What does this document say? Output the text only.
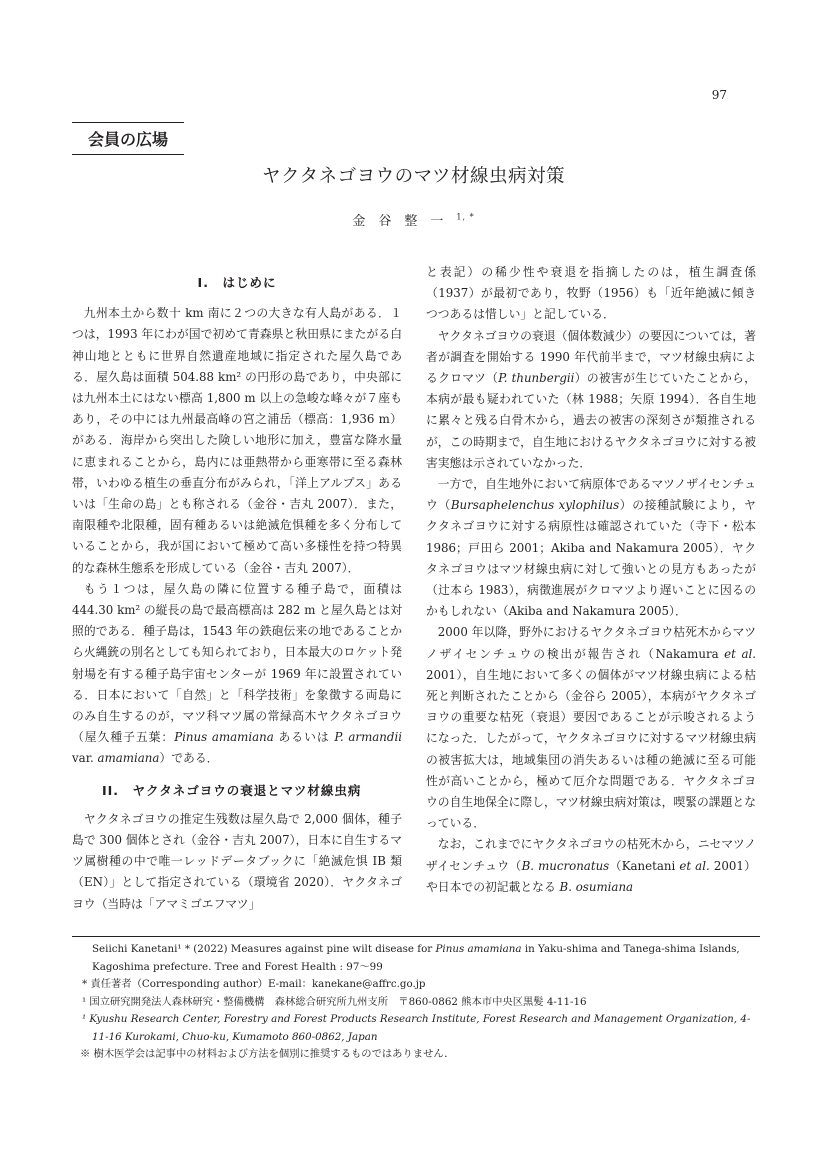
97
会員の広場
ヤクタネゴヨウのマツ材線虫病対策
金谷整一$^{1, *}$
I.　はじめに

九州本土から数十 km 南に２つの大きな有人島がある．１つは，1993 年にわが国で初めて青森県と秋田県にまたがる白神山地とともに世界自然遺産地域に指定された屋久島である．屋久島は面積 504.88 km² の円形の島であり，中央部には九州本土にはない標高 1,800 m 以上の急峻な峰々が７座もあり，その中には九州最高峰の宮之浦岳（標高：1,936 m）がある．海岸から突出した険しい地形に加え，豊富な降水量に恵まれることから，島内には亜熱帯から亜寒帯に至る森林帯，いわゆる植生の垂直分布がみられ，「洋上アルプス」あるいは「生命の島」とも称される（金谷・吉丸 2007）．また，南限種や北限種，固有種あるいは絶滅危惧種を多く分布していることから，我が国において極めて高い多様性を持つ特異的な森林生態系を形成している（金谷・吉丸 2007）．

もう１つは，屋久島の隣に位置する種子島で，面積は 444.30 km² の縦長の島で最高標高は 282 m と屋久島とは対照的である．種子島は，1543 年の鉄砲伝来の地であることから火縄銃の別名としても知られており，日本最大のロケット発射場を有する種子島宇宙センターが 1969 年に設置されている．日本において「自然」と「科学技術」を象徴する両島にのみ自生するのが，マツ科マツ属の常緑高木ヤクタネゴヨウ（屋久種子五葉：Pinus amamiana あるいは P. armandii var. amamiana）である．

II.　ヤクタネゴヨウの衰退とマツ材線虫病

ヤクタネゴヨウの推定生残数は屋久島で 2,000 個体，種子島で 300 個体とされ（金谷・吉丸 2007），日本に自生するマツ属樹種の中で唯一レッドデータブックに「絶滅危惧 IB 類（EN）」として指定されている（環境省 2020）．ヤクタネゴヨウ（当時は「アマミゴエフマツ」

と表記）の稀少性や衰退を指摘したのは，植生調査係（1937）が最初であり，牧野（1956）も「近年絶滅に傾きつつあるは惜しい」と記している．

ヤクタネゴヨウの衰退（個体数減少）の要因については，著者が調査を開始する 1990 年代前半まで，マツ材線虫病によるクロマツ（P. thunbergii）の被害が生じていたことから，本病が最も疑われていた（林 1988；矢原 1994）．各自生地に累々と残る白骨木から，過去の被害の深刻さが類推されるが，この時期まで，自生地におけるヤクタネゴヨウに対する被害実態は示されていなかった．

一方で，自生地外において病原体であるマツノザイセンチュウ（Bursaphelenchus xylophilus）の接種試験により，ヤクタネゴヨウに対する病原性は確認されていた（寺下・松本 1986；戸田ら 2001；Akiba and Nakamura 2005）．ヤクタネゴヨウはマツ材線虫病に対して強いとの見方もあったが（辻本ら 1983），病徴進展がクロマツより遅いことに因るのかもしれない（Akiba and Nakamura 2005）．

2000 年以降，野外におけるヤクタネゴヨウ枯死木からマツノザイセンチュウの検出が報告され（Nakamura et al. 2001），自生地において多くの個体がマツ材線虫病による枯死と判断されたことから（金谷ら 2005），本病がヤクタネゴヨウの重要な枯死（衰退）要因であることが示唆されるようになった．したがって，ヤクタネゴヨウに対するマツ材線虫病の被害拡大は，地域集団の消失あるいは種の絶滅に至る可能性が高いことから，極めて厄介な問題である．ヤクタネゴヨウの自生地保全に際し，マツ材線虫病対策は，喫緊の課題となっている．

なお，これまでにヤクタネゴヨウの枯死木から，ニセマツノザイセンチュウ（B. mucronatus（Kanetani et al. 2001）や日本での初記載となる B. osumiana

Seiichi Kanetani¹ * (2022) Measures against pine wilt disease for Pinus amamiana in Yaku-shima and Tanega-shima Islands, Kagoshima prefecture. Tree and Forest Health : 97〜99

* 責任著者（Corresponding author）E-mail：kanekane@affrc.go.jp

¹ 国立研究開発法人森林研究・整備機構　森林総合研究所九州支所　〒860-0862 熊本市中央区黒髪 4-11-16

¹ Kyushu Research Center, Forestry and Forest Products Research Institute, Forest Research and Management Organization, 4-11-16 Kurokami, Chuo-ku, Kumamoto 860-0862, Japan

※ 樹木医学会は記事中の材料および方法を個別に推奨するものではありません．
